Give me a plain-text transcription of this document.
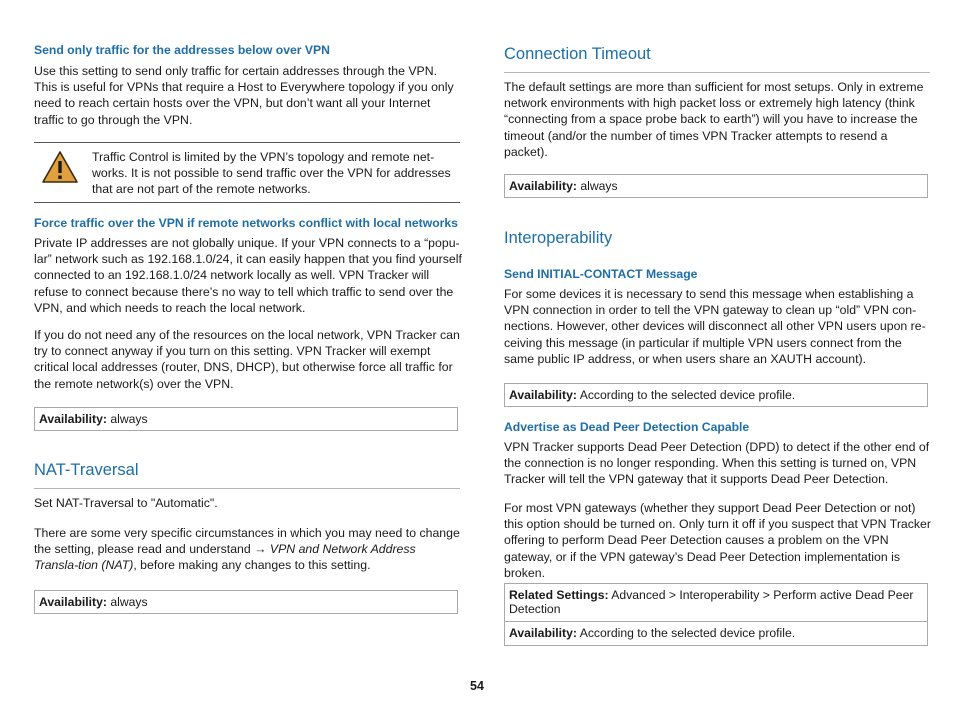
Send only traffic for the addresses below over VPN

Use this setting to send only traffic for certain addresses through the VPN. This is useful for VPNs that require a Host to Everywhere topology if you only need to reach certain hosts over the VPN, but don’t want all your Internet traffic to go through the VPN.

Traffic Control is limited by the VPN’s topology and remote net-works. It is not possible to send traffic over the VPN for addresses that are not part of the remote networks.
Force traffic over the VPN if remote networks conflict with local networks

Private IP addresses are not globally unique. If your VPN connects to a “popu-lar” network such as 192.168.1.0/24, it can easily happen that you find yourself connected to an 192.168.1.0/24 network locally as well. VPN Tracker will refuse to connect because there’s no way to tell which traffic to send over the VPN, and which needs to reach the local network.

If you do not need any of the resources on the local network, VPN Tracker can try to connect anyway if you turn on this setting. VPN Tracker will exempt critical local addresses (router, DNS, DHCP), but otherwise force all traffic for the remote network(s) over the VPN.

Availability: always
NAT-Traversal

Set NAT-Traversal to "Automatic".

There are some very specific circumstances in which you may need to change the setting, please read and understand → VPN and Network Address Transla-tion (NAT), before making any changes to this setting.

Availability: always
Connection Timeout

The default settings are more than sufficient for most setups. Only in extreme network environments with high packet loss or extremely high latency (think “connecting from a space probe back to earth”) will you have to increase the timeout (and/or the number of times VPN Tracker attempts to resend a packet).

Availability: always
Interoperability
Send INITIAL-CONTACT Message

For some devices it is necessary to send this message when establishing a VPN connection in order to tell the VPN gateway to clean up “old” VPN con-nections. However, other devices will disconnect all other VPN users upon re-ceiving this message (in particular if multiple VPN users connect from the same public IP address, or when users share an XAUTH account).

Availability: According to the selected device profile.
Advertise as Dead Peer Detection Capable

VPN Tracker supports Dead Peer Detection (DPD) to detect if the other end of the connection is no longer responding. When this setting is turned on, VPN Tracker will tell the VPN gateway that it supports Dead Peer Detection.

For most VPN gateways (whether they support Dead Peer Detection or not) this option should be turned on. Only turn it off if you suspect that VPN Tracker offering to perform Dead Peer Detection causes a problem on the VPN gateway, or if the VPN gateway’s Dead Peer Detection implementation is broken.

Related Settings: Advanced > Interoperability > Perform active Dead Peer Detection
Availability: According to the selected device profile.
54
